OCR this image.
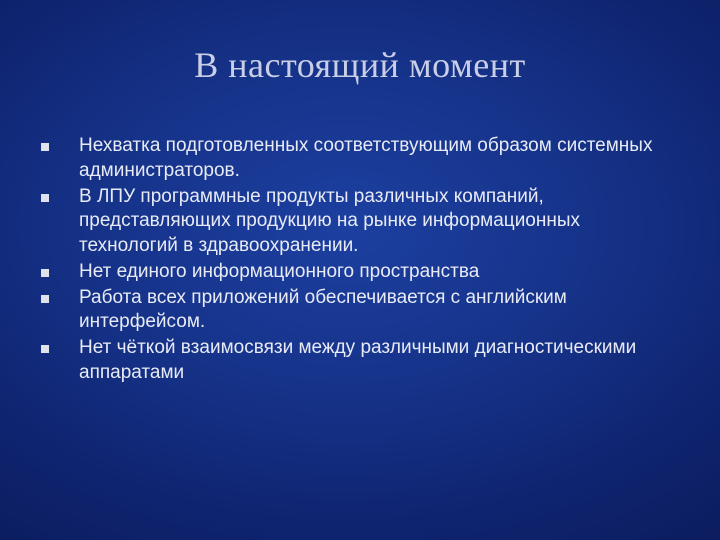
В настоящий момент
Нехватка подготовленных соответствующим образом системных администраторов.
В ЛПУ программные продукты различных компаний, представляющих продукцию на рынке информационных технологий в здравоохранении.
Нет единого информационного пространства
Работа всех приложений обеспечивается с английским интерфейсом.
Нет чёткой взаимосвязи между различными диагностическими аппаратами
